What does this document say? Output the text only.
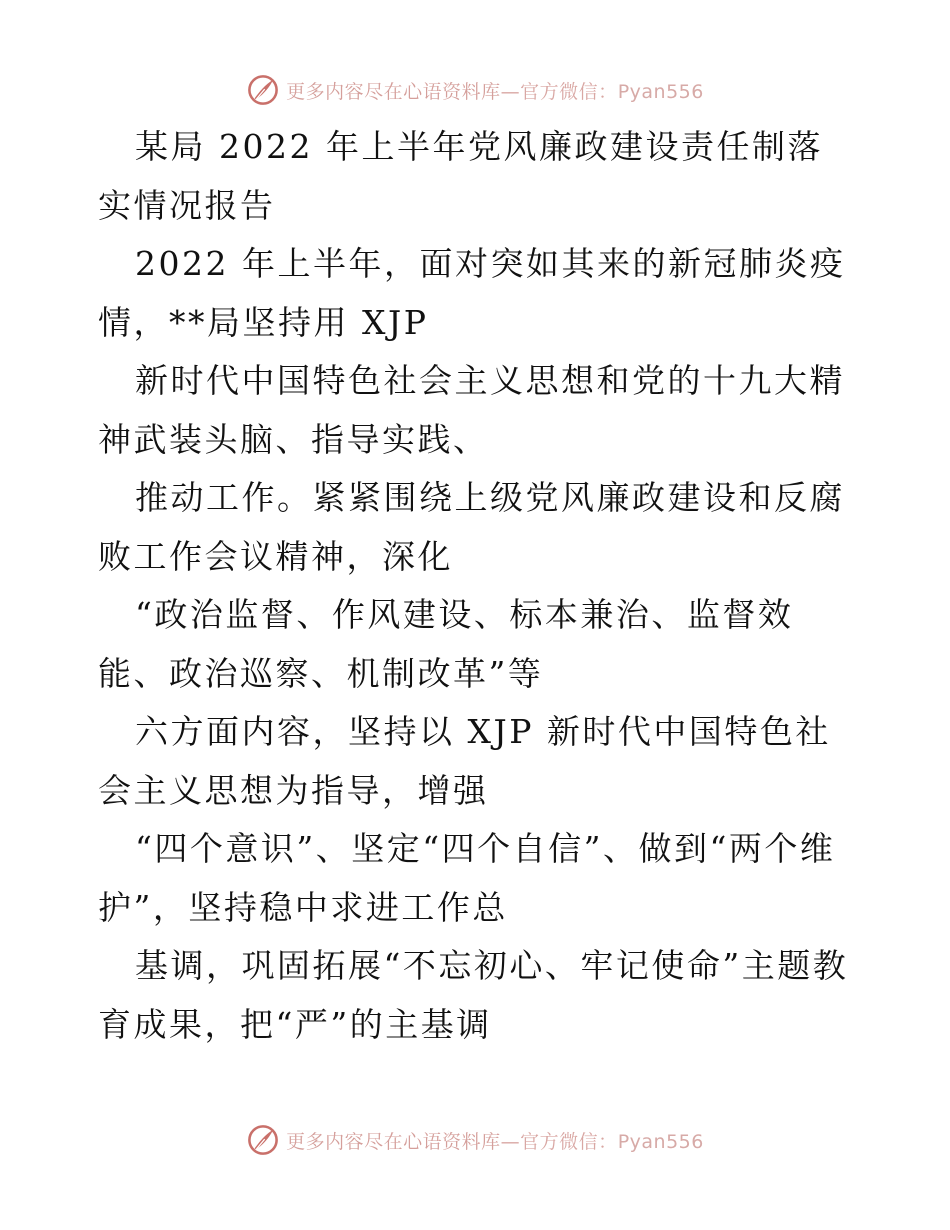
更多内容尽在心语资料库—官方微信：Pyan556

某局 2022 年上半年党风廉政建设责任制落实情况报告

2022 年上半年，面对突如其来的新冠肺炎疫情，**局坚持用 XJP

新时代中国特色社会主义思想和党的十九大精神武装头脑、指导实践、

推动工作。紧紧围绕上级党风廉政建设和反腐败工作会议精神，深化

“政治监督、作风建设、标本兼治、监督效能、政治巡察、机制改革”等

六方面内容，坚持以 XJP 新时代中国特色社会主义思想为指导，增强

“四个意识”、坚定“四个自信”、做到“两个维护”，坚持稳中求进工作总

基调，巩固拓展“不忘初心、牢记使命”主题教育成果，把“严”的主基调

更多内容尽在心语资料库—官方微信：Pyan556
